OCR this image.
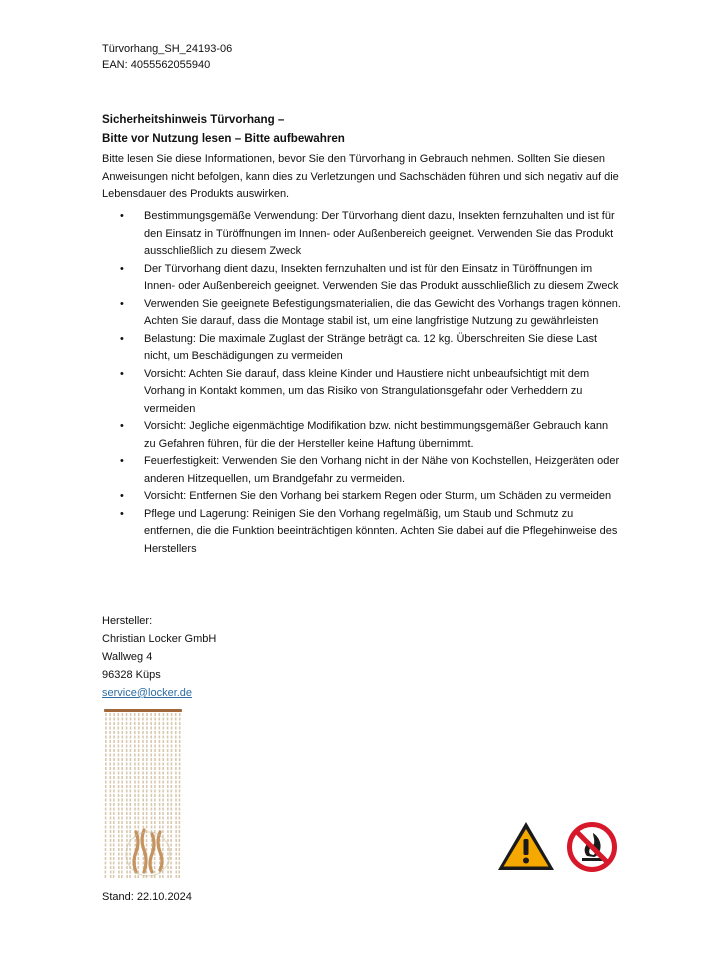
Türvorhang_SH_24193-06
EAN: 4055562055940
Sicherheitshinweis Türvorhang –
Bitte vor Nutzung lesen – Bitte aufbewahren
Bitte lesen Sie diese Informationen, bevor Sie den Türvorhang in Gebrauch nehmen. Sollten Sie diesen Anweisungen nicht befolgen, kann dies zu Verletzungen und Sachschäden führen und sich negativ auf die Lebensdauer des Produkts auswirken.
• Bestimmungsgemäße Verwendung: Der Türvorhang dient dazu, Insekten fernzuhalten und ist für den Einsatz in Türöffnungen im Innen- oder Außenbereich geeignet. Verwenden Sie das Produkt ausschließlich zu diesem Zweck
• Der Türvorhang dient dazu, Insekten fernzuhalten und ist für den Einsatz in Türöffnungen im Innen- oder Außenbereich geeignet. Verwenden Sie das Produkt ausschließlich zu diesem Zweck
• Verwenden Sie geeignete Befestigungsmaterialien, die das Gewicht des Vorhangs tragen können. Achten Sie darauf, dass die Montage stabil ist, um eine langfristige Nutzung zu gewährleisten
• Belastung: Die maximale Zuglast der Stränge beträgt ca. 12 kg. Überschreiten Sie diese Last nicht, um Beschädigungen zu vermeiden
• Vorsicht: Achten Sie darauf, dass kleine Kinder und Haustiere nicht unbeaufsichtigt mit dem Vorhang in Kontakt kommen, um das Risiko von Strangulationsgefahr oder Verheddern zu vermeiden
• Vorsicht: Jegliche eigenmächtige Modifikation bzw. nicht bestimmungsgemäßer Gebrauch kann zu Gefahren führen, für die der Hersteller keine Haftung übernimmt.
• Feuerfestigkeit: Verwenden Sie den Vorhang nicht in der Nähe von Kochstellen, Heizgeräten oder anderen Hitzequellen, um Brandgefahr zu vermeiden.
• Vorsicht: Entfernen Sie den Vorhang bei starkem Regen oder Sturm, um Schäden zu vermeiden
• Pflege und Lagerung: Reinigen Sie den Vorhang regelmäßig, um Staub und Schmutz zu entfernen, die die Funktion beeinträchtigen könnten. Achten Sie dabei auf die Pflegehinweise des Herstellers
Hersteller:
Christian Locker GmbH
Wallweg 4
96328 Küps
service@locker.de
Stand: 22.10.2024
